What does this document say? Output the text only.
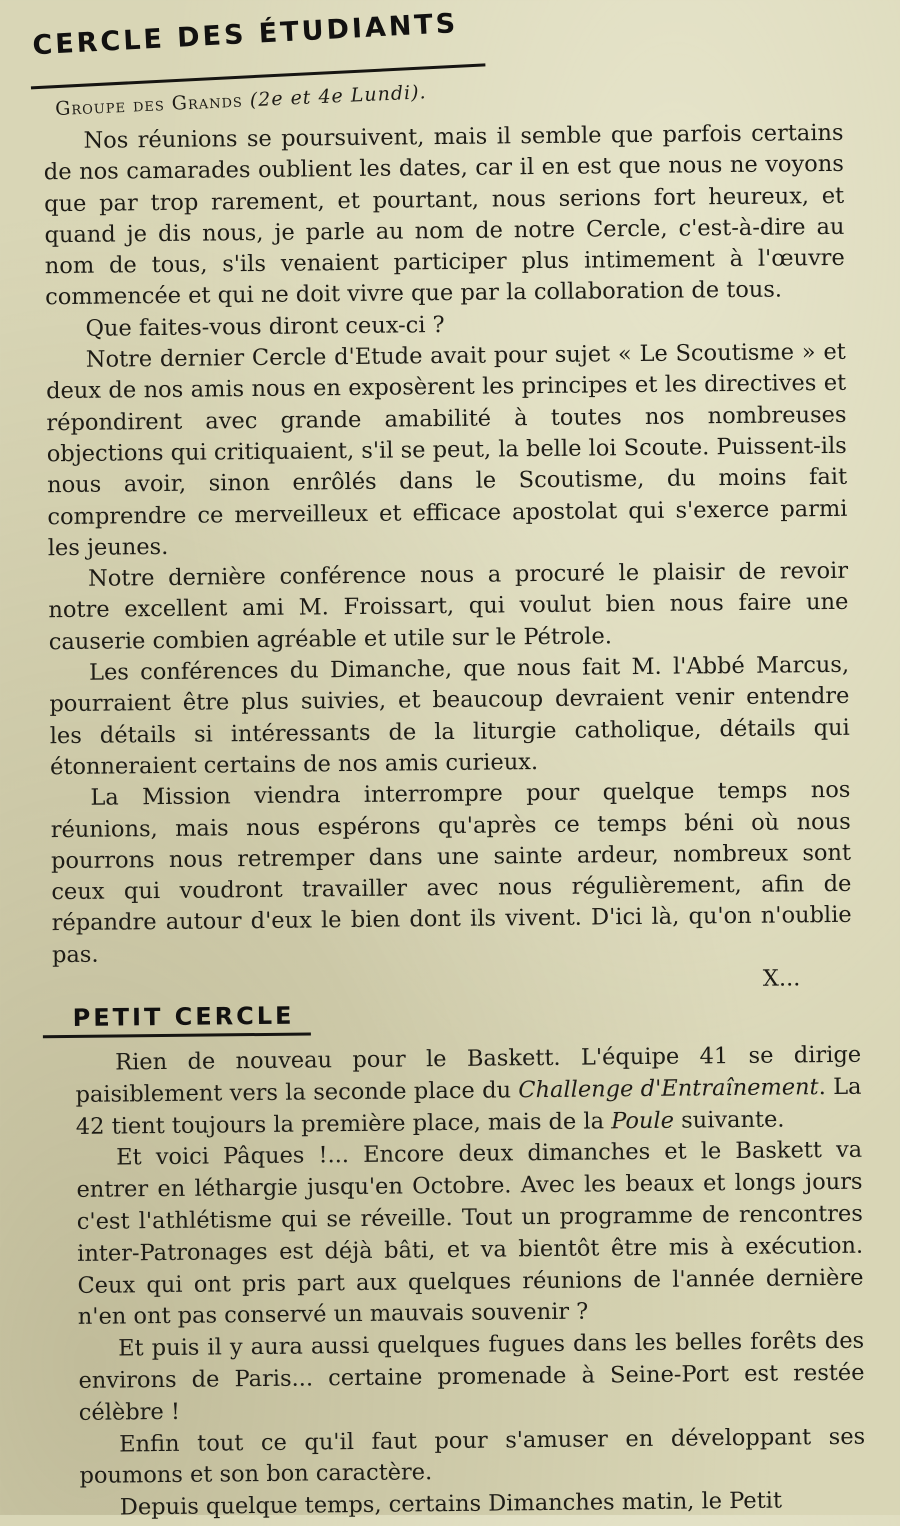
CERCLE DES ÉTUDIANTS
Groupe des Grands (2e et 4e Lundi).

Nos réunions se poursuivent, mais il semble que parfois certains de nos camarades oublient les dates, car il en est que nous ne voyons que par trop rarement, et pourtant, nous serions fort heureux, et quand je dis nous, je parle au nom de notre Cercle, c'est-à-dire au nom de tous, s'ils venaient participer plus intimement à l'œuvre commencée et qui ne doit vivre que par la collaboration de tous.

Que faites-vous diront ceux-ci ?

Notre dernier Cercle d'Etude avait pour sujet « Le Scoutisme » et deux de nos amis nous en exposèrent les principes et les directives et répondirent avec grande amabilité à toutes nos nombreuses objections qui critiquaient, s'il se peut, la belle loi Scoute. Puissent-ils nous avoir, sinon enrôlés dans le Scoutisme, du moins fait comprendre ce merveilleux et efficace apostolat qui s'exerce parmi les jeunes.

Notre dernière conférence nous a procuré le plaisir de revoir notre excellent ami M. Froissart, qui voulut bien nous faire une causerie combien agréable et utile sur le Pétrole.

Les conférences du Dimanche, que nous fait M. l'Abbé Marcus, pourraient être plus suivies, et beaucoup devraient venir entendre les détails si intéressants de la liturgie catholique, détails qui étonneraient certains de nos amis curieux.

La Mission viendra interrompre pour quelque temps nos réunions, mais nous espérons qu'après ce temps béni où nous pourrons nous retremper dans une sainte ardeur, nombreux sont ceux qui voudront travailler avec nous régulièrement, afin de répandre autour d'eux le bien dont ils vivent. D'ici là, qu'on n'oublie pas.

X...

PETIT CERCLE

Rien de nouveau pour le Baskett. L'équipe 41 se dirige paisiblement vers la seconde place du Challenge d'Entraînement. La 42 tient toujours la première place, mais de la Poule suivante.

Et voici Pâques !... Encore deux dimanches et le Baskett va entrer en léthargie jusqu'en Octobre. Avec les beaux et longs jours c'est l'athlétisme qui se réveille. Tout un programme de rencontres inter-Patronages est déjà bâti, et va bientôt être mis à exécution. Ceux qui ont pris part aux quelques réunions de l'année dernière n'en ont pas conservé un mauvais souvenir ?

Et puis il y aura aussi quelques fugues dans les belles forêts des environs de Paris... certaine promenade à Seine-Port est restée célèbre !

Enfin tout ce qu'il faut pour s'amuser en développant ses poumons et son bon caractère.

Depuis quelque temps, certains Dimanches matin, le Petit
